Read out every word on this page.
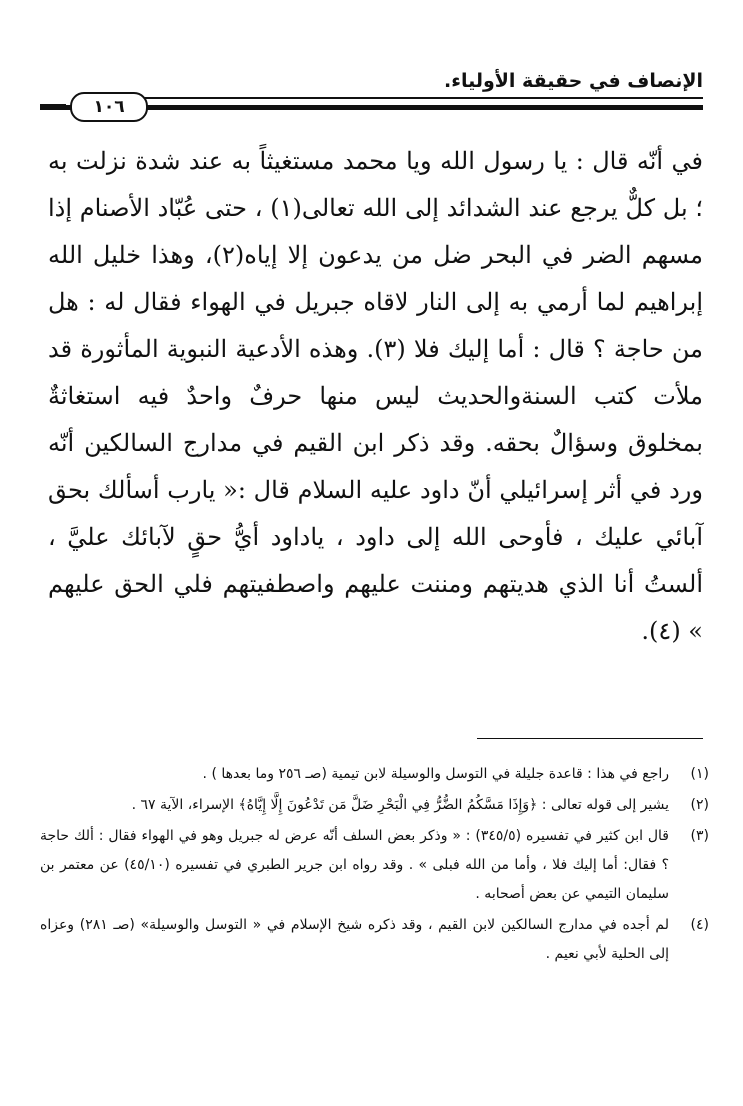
الإنصاف في حقيقة الأولياء.
١٠٦

في أنّه قال : يا رسول الله ويا محمد مستغيثاً به عند شدة نزلت به ؛ بل كلٌّ يرجع عند الشدائد إلى الله تعالى(١) ، حتى عُبّاد الأصنام إذا مسهم الضر في البحر ضل من يدعون إلا إياه(٢)، وهذا خليل الله إبراهيم لما أرمي به إلى النار لاقاه جبريل في الهواء فقال له : هل من حاجة ؟ قال : أما إليك فلا (٣). وهذه الأدعية النبوية المأثورة قد ملأت كتب السنةوالحديث ليس منها حرفٌ واحدٌ فيه استغاثةٌ بمخلوق وسؤالٌ بحقه. وقد ذكر ابن القيم في مدارج السالكين أنّه ورد في أثر إسرائيلي أنّ داود عليه السلام قال :« يارب أسألك بحق آبائي عليك ، فأوحى الله إلى داود ، ياداود أيُّ حقٍ لآبائك عليَّ ، ألستُ أنا الذي هديتهم ومننت عليهم واصطفيتهم فلي الحق عليهم » (٤).

(١)
راجع في هذا : قاعدة جليلة في التوسل والوسيلة لابن تيمية (صـ ٢٥٦ وما بعدها ) .
(٢)
يشير إلى قوله تعالى : ﴿وَإِذَا مَسَّكُمُ الضُّرُّ فِي الْبَحْرِ ضَلَّ مَن تَدْعُونَ إِلَّا إِيَّاهُ﴾ الإسراء، الآية ٦٧ .
(٣)
قال ابن كثير في تفسيره (٣٤٥/٥) : « وذكر بعض السلف أنّه عرض له جبريل وهو في الهواء فقال : ألك حاجة ؟ فقال: أما إليك فلا ، وأما من الله فبلى » . وقد رواه ابن جرير الطبري في تفسيره (٤٥/١٠) عن معتمر بن سليمان التيمي عن بعض أصحابه .
(٤)
لم أجده في مدارج السالكين لابن القيم ، وقد ذكره شيخ الإسلام في « التوسل والوسيلة» (صـ ٢٨١) وعزاه إلى الحلية لأبي نعيم .
